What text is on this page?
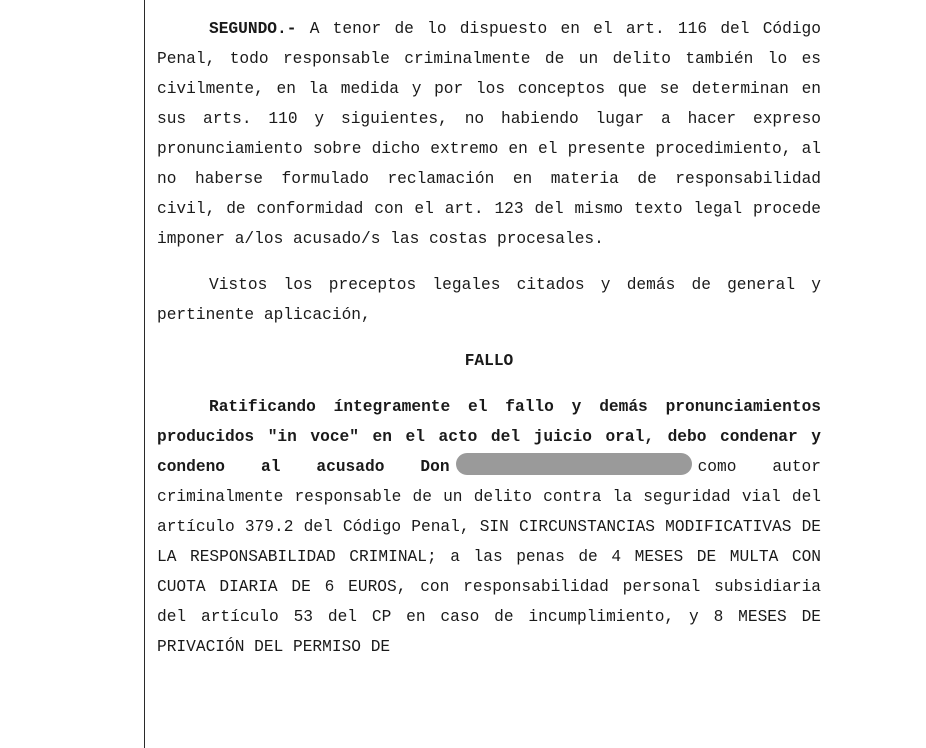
SEGUNDO.- A tenor de lo dispuesto en el art. 116 del Código Penal, todo responsable criminalmente de un delito también lo es civilmente, en la medida y por los conceptos que se determinan en sus arts. 110 y siguientes, no habiendo lugar a hacer expreso pronunciamiento sobre dicho extremo en el presente procedimiento, al no haberse formulado reclamación en materia de responsabilidad civil, de conformidad con el art. 123 del mismo texto legal procede imponer a/los acusado/s las costas procesales.

Vistos los preceptos legales citados y demás de general y pertinente aplicación,

FALLO

Ratificando íntegramente el fallo y demás pronunciamientos producidos "in voce" en el acto del juicio oral, debo condenar y condeno al acusado Don	como autor criminalmente responsable de un delito contra la seguridad vial del artículo 379.2 del Código Penal, SIN CIRCUNSTANCIAS MODIFICATIVAS DE LA RESPONSABILIDAD CRIMINAL; a las penas de 4 MESES DE MULTA CON CUOTA DIARIA DE 6 EUROS, con responsabilidad personal subsidiaria del artículo 53 del CP en caso de incumplimiento, y 8 MESES DE PRIVACIÓN DEL PERMISO DE
